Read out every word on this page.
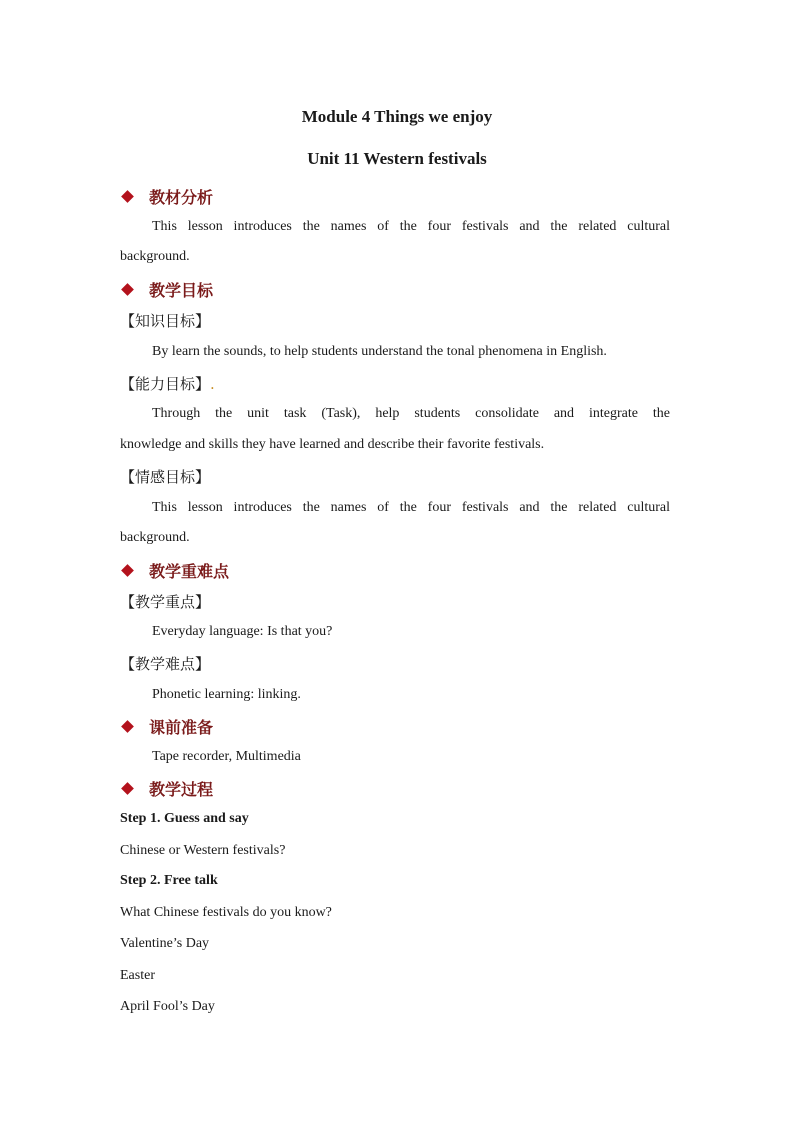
Module 4 Things we enjoy
Unit 11 Western festivals
教材分析
This lesson introduces the names of the four festivals and the related cultural
background.
教学目标
【知识目标】
By learn the sounds, to help students understand the tonal phenomena in English.
【能力目标】.
Through the unit task (Task), help students consolidate and integrate the
knowledge and skills they have learned and describe their favorite festivals.
【情感目标】
This lesson introduces the names of the four festivals and the related cultural
background.
教学重难点
【教学重点】
Everyday language: Is that you?
【教学难点】
Phonetic learning: linking.
课前准备
Tape recorder, Multimedia
教学过程
Step 1. Guess and say
Chinese or Western festivals?
Step 2. Free talk
What Chinese festivals do you know?
Valentine’s Day
Easter
April Fool’s Day
